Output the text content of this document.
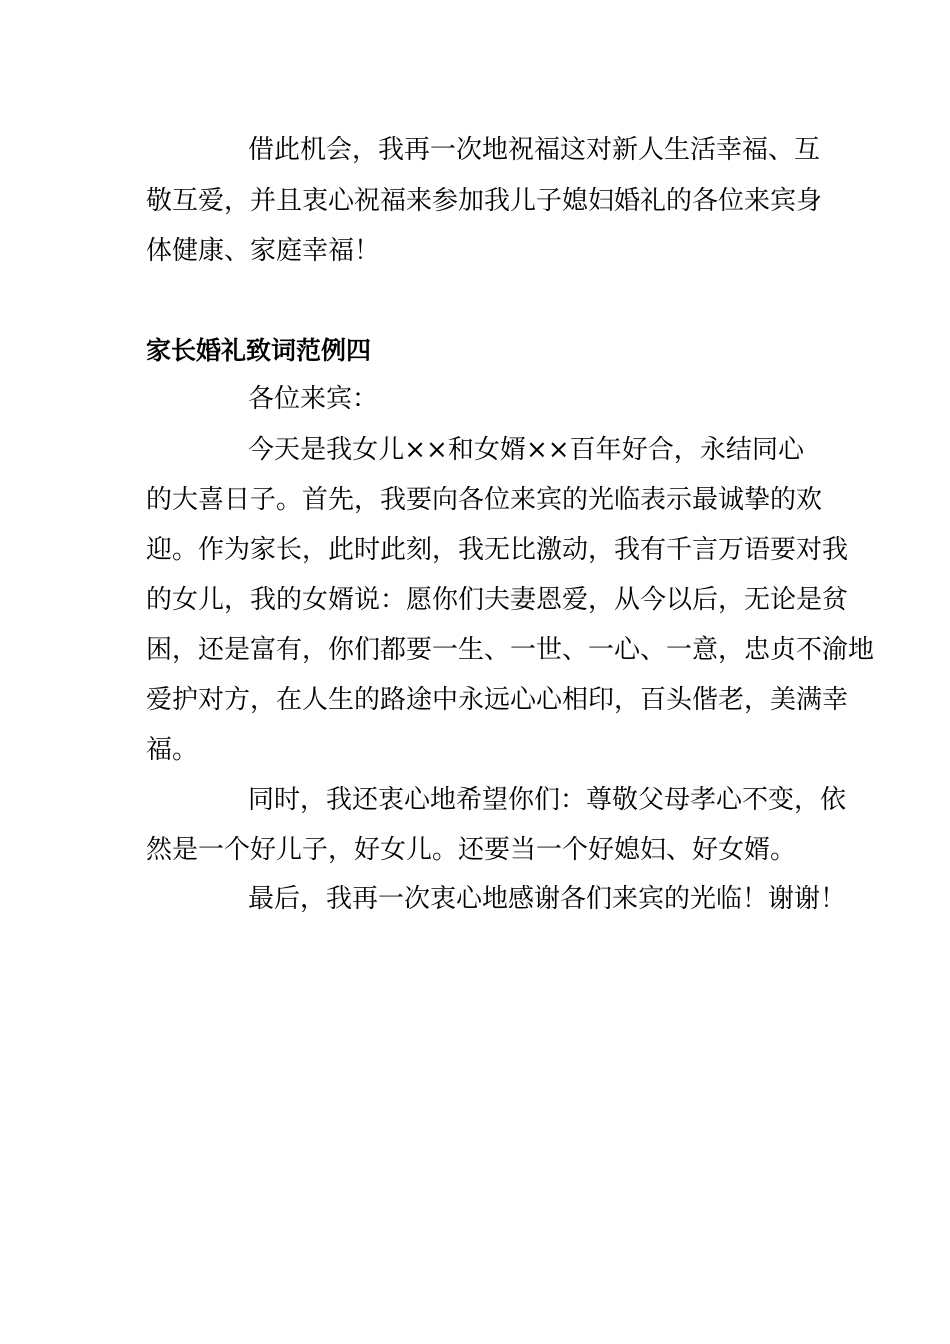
借此机会，我再一次地祝福这对新人生活幸福、互
敬互爱，并且衷心祝福来参加我儿子媳妇婚礼的各位来宾身
体健康、家庭幸福！
家长婚礼致词范例四
各位来宾：
今天是我女儿××和女婿××百年好合，永结同心
的大喜日子。首先，我要向各位来宾的光临表示最诚挚的欢
迎。作为家长，此时此刻，我无比激动，我有千言万语要对我
的女儿，我的女婿说：愿你们夫妻恩爱，从今以后，无论是贫
困，还是富有，你们都要一生、一世、一心、一意，忠贞不渝地
爱护对方，在人生的路途中永远心心相印，百头偕老，美满幸
福。
同时，我还衷心地希望你们：尊敬父母孝心不变，依
然是一个好儿子，好女儿。还要当一个好媳妇、好女婿。
最后，我再一次衷心地感谢各们来宾的光临！谢谢！
